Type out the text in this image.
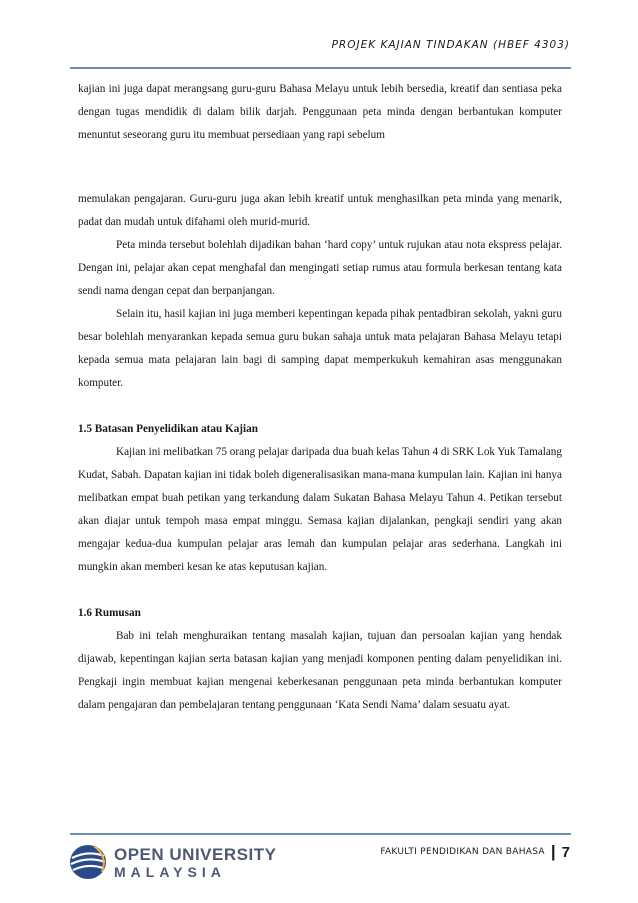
PROJEK KAJIAN TINDAKAN (HBEF 4303)

kajian ini juga dapat merangsang guru-guru Bahasa Melayu untuk lebih bersedia, kreatif dan sentiasa peka dengan tugas mendidik di dalam bilik darjah. Penggunaan peta minda dengan berbantukan komputer menuntut seseorang guru itu membuat persediaan yang rapi sebelum

memulakan pengajaran. Guru-guru juga akan lebih kreatif untuk menghasilkan peta minda yang menarik, padat dan mudah untuk difahami oleh murid-murid.

Peta minda tersebut bolehlah dijadikan bahan ‘hard copy’ untuk rujukan atau nota ekspress pelajar. Dengan ini, pelajar akan cepat menghafal dan mengingati setiap rumus atau formula berkesan tentang kata sendi nama dengan cepat dan berpanjangan.

Selain itu, hasil kajian ini juga memberi kepentingan kepada pihak pentadbiran sekolah, yakni guru besar bolehlah menyarankan kepada semua guru bukan sahaja untuk mata pelajaran Bahasa Melayu tetapi kepada semua mata pelajaran lain bagi di samping dapat memperkukuh kemahiran asas menggunakan komputer.

1.5 Batasan Penyelidikan atau Kajian

Kajian ini melibatkan 75 orang pelajar daripada dua buah kelas Tahun 4 di SRK Lok Yuk Tamalang Kudat, Sabah. Dapatan kajian ini tidak boleh digeneralisasikan mana-mana kumpulan lain. Kajian ini hanya melibatkan empat buah petikan yang terkandung dalam Sukatan Bahasa Melayu Tahun 4. Petikan tersebut akan diajar untuk tempoh masa empat minggu. Semasa kajian dijalankan, pengkaji sendiri yang akan mengajar kedua-dua kumpulan pelajar aras lemah dan kumpulan pelajar aras sederhana. Langkah ini mungkin akan memberi kesan ke atas keputusan kajian.

1.6 Rumusan

Bab ini telah menghuraikan tentang masalah kajian, tujuan dan persoalan kajian yang hendak dijawab, kepentingan kajian serta batasan kajian yang menjadi komponen penting dalam penyelidikan ini. Pengkaji ingin membuat kajian mengenai keberkesanan penggunaan peta minda berbantukan komputer dalam pengajaran dan pembelajaran tentang penggunaan ‘Kata Sendi Nama’ dalam sesuatu ayat.

OPEN UNIVERSITY
MALAYSIA
FAKULTI PENDIDIKAN DAN BAHASA | 7
